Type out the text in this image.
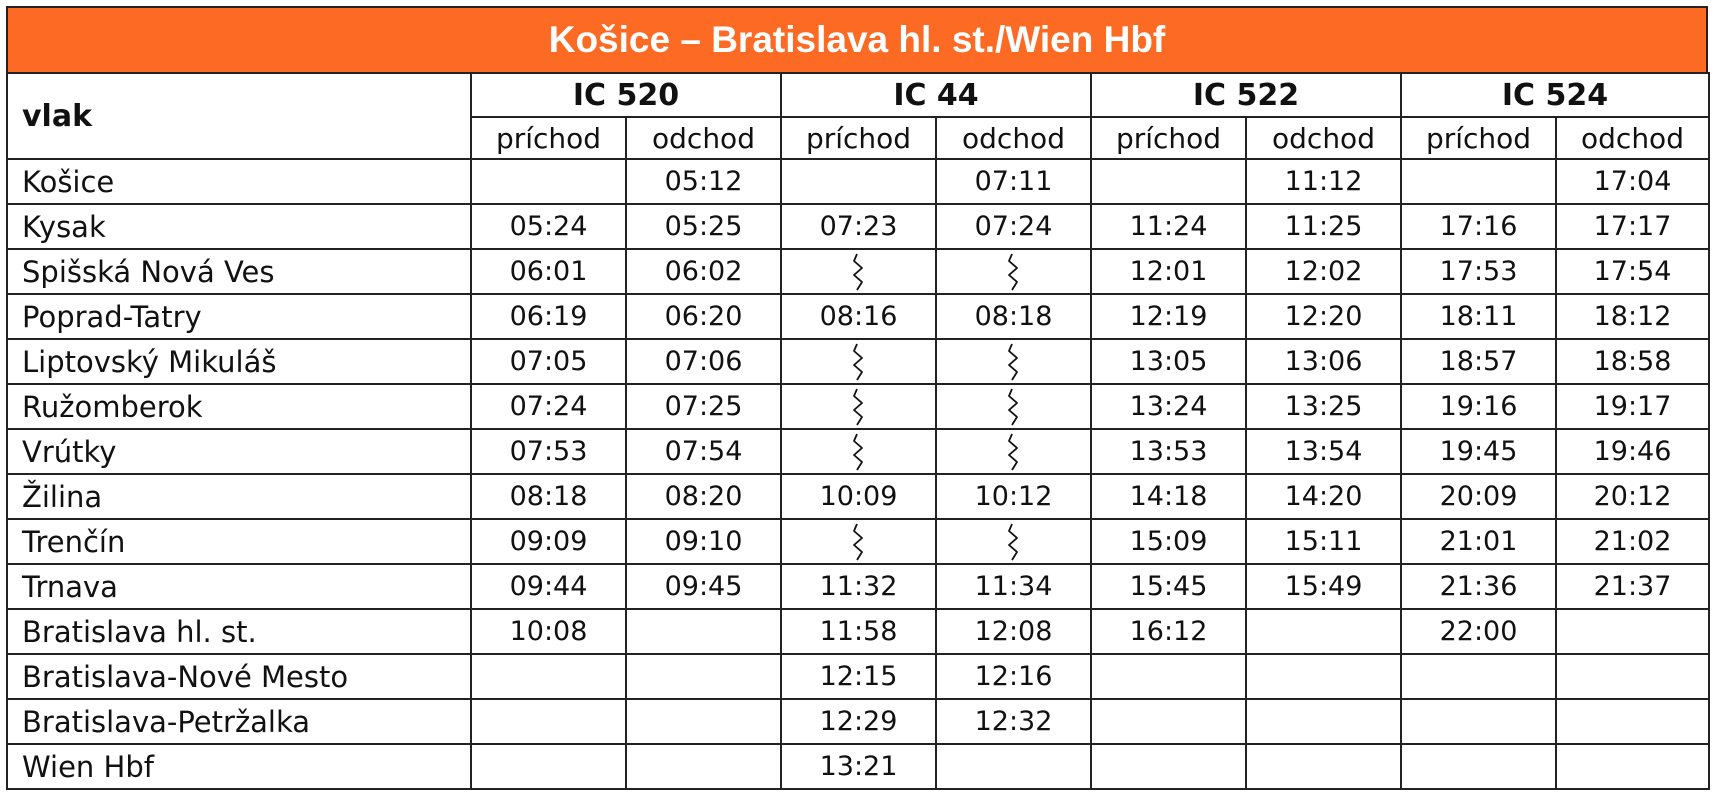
Košice – Bratislava hl. st./Wien Hbf
vlak	IC 520		IC 44		IC 522		IC 524	
	príchod	odchod	príchod	odchod	príchod	odchod	príchod	odchod
Košice		05:12		07:11		11:12		17:04
Kysak	05:24	05:25	07:23	07:24	11:24	11:25	17:16	17:17
Spišská Nová Ves	06:01	06:02			12:01	12:02	17:53	17:54
Poprad-Tatry	06:19	06:20	08:16	08:18	12:19	12:20	18:11	18:12
Liptovský Mikuláš	07:05	07:06			13:05	13:06	18:57	18:58
Ružomberok	07:24	07:25			13:24	13:25	19:16	19:17
Vrútky	07:53	07:54			13:53	13:54	19:45	19:46
Žilina	08:18	08:20	10:09	10:12	14:18	14:20	20:09	20:12
Trenčín	09:09	09:10			15:09	15:11	21:01	21:02
Trnava	09:44	09:45	11:32	11:34	15:45	15:49	21:36	21:37
Bratislava hl. st.	10:08		11:58	12:08	16:12		22:00	
Bratislava-Nové Mesto			12:15	12:16				
Bratislava-Petržalka			12:29	12:32				
Wien Hbf			13:21					
